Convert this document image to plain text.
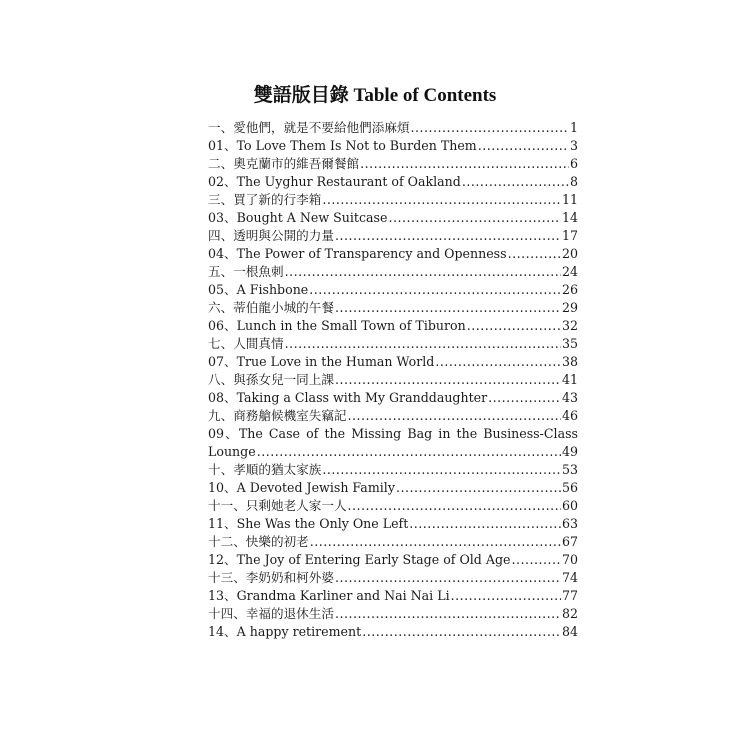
雙語版目錄 Table of Contents
一、愛他們，就是不要給他們添麻煩 .....	1
01、To Love Them Is Not to Burden Them .....	3
二、奧克蘭市的維吾爾餐館 .....	6
02、The Uyghur Restaurant of Oakland .....	8
三、買了新的行李箱 .....	11
03、Bought A New Suitcase .....	14
四、透明與公開的力量 .....	17
04、The Power of Transparency and Openness .....	20
五、一根魚刺 .....	24
05、A Fishbone .....	26
六、蒂伯龍小城的午餐 .....	29
06、Lunch in the Small Town of Tiburon .....	32
七、人間真情 .....	35
07、True Love in the Human World .....	38
八、與孫女兒一同上課 .....	41
08、Taking a Class with My Granddaughter .....	43
九、商務艙候機室失竊記 .....	46
09、The Case of the Missing Bag in the Business-Class
Lounge .....	49
十、孝順的猶太家族 .....	53
10、A Devoted Jewish Family .....	56
十一、只剩她老人家一人 .....	60
11、She Was the Only One Left .....	63
十二、快樂的初老 .....	67
12、The Joy of Entering Early Stage of Old Age .....	70
十三、李奶奶和柯外婆 .....	74
13、Grandma Karliner and Nai Nai Li .....	77
十四、幸福的退休生活 .....	82
14、A happy retirement .....	84
